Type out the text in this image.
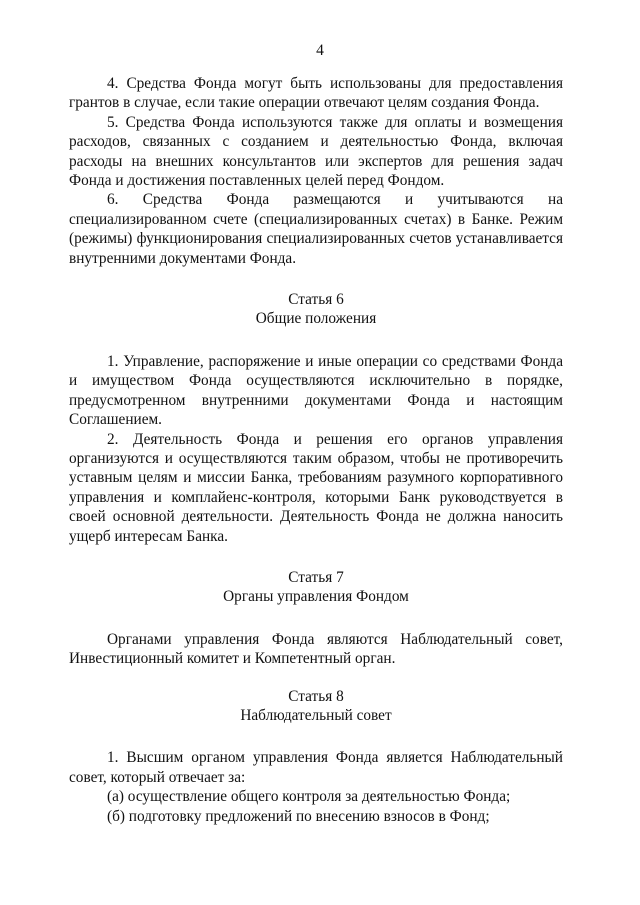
4

4. Средства Фонда могут быть использованы для предоставления грантов в случае, если такие операции отвечают целям создания Фонда.

5. Средства Фонда используются также для оплаты и возмещения расходов, связанных с созданием и деятельностью Фонда, включая расходы на внешних консультантов или экспертов для решения задач Фонда и достижения поставленных целей перед Фондом.

6. Средства Фонда размещаются и учитываются на специализированном счете (специализированных счетах) в Банке. Режим (режимы) функционирования специализированных счетов устанавливается внутренними документами Фонда.

Статья 6

Общие положения

1. Управление, распоряжение и иные операции со средствами Фонда и имуществом Фонда осуществляются исключительно в порядке, предусмотренном внутренними документами Фонда и настоящим Соглашением.

2. Деятельность Фонда и решения его органов управления организуются и осуществляются таким образом, чтобы не противоречить уставным целям и миссии Банка, требованиям разумного корпоративного управления и комплайенс-контроля, которыми Банк руководствуется в своей основной деятельности. Деятельность Фонда не должна наносить ущерб интересам Банка.

Статья 7

Органы управления Фондом

Органами управления Фонда являются Наблюдательный совет, Инвестиционный комитет и Компетентный орган.

Статья 8

Наблюдательный совет

1. Высшим органом управления Фонда является Наблюдательный совет, который отвечает за:

(а) осуществление общего контроля за деятельностью Фонда;

(б) подготовку предложений по внесению взносов в Фонд;
